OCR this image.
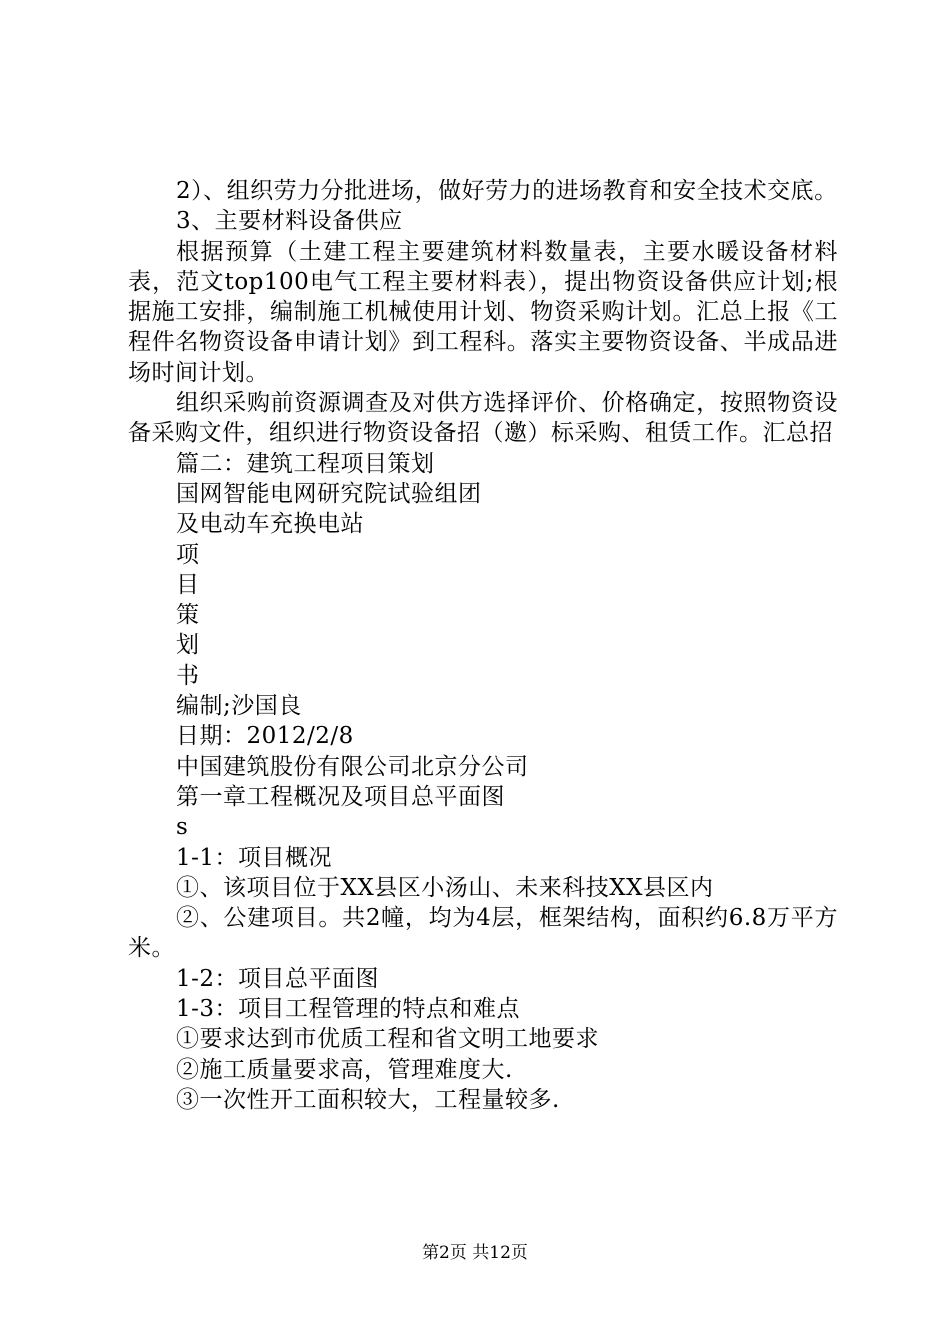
2）、组织劳力分批进场，做好劳力的进场教育和安全技术交底。

3、主要材料设备供应

根据预算（土建工程主要建筑材料数量表，主要水暖设备材料表，范文top100电气工程主要材料表），提出物资设备供应计划;根据施工安排，编制施工机械使用计划、物资采购计划。汇总上报《工程件名物资设备申请计划》到工程科。落实主要物资设备、半成品进场时间计划。

组织采购前资源调查及对供方选择评价、价格确定，按照物资设备采购文件，组织进行物资设备招（邀）标采购、租赁工作。汇总招

篇二：建筑工程项目策划

国网智能电网研究院试验组团

及电动车充换电站

项

目

策

划

书

编制;沙国良

日期：2012/2/8

中国建筑股份有限公司北京分公司

第一章工程概况及项目总平面图

s

1-1：项目概况

①、该项目位于XX县区小汤山、未来科技XX县区内

②、公建项目。共2幢，均为4层，框架结构，面积约6.8万平方米。

1-2：项目总平面图

1-3：项目工程管理的特点和难点

①要求达到市优质工程和省文明工地要求

②施工质量要求高，管理难度大.

③一次性开工面积较大，工程量较多.

第2页 共12页
